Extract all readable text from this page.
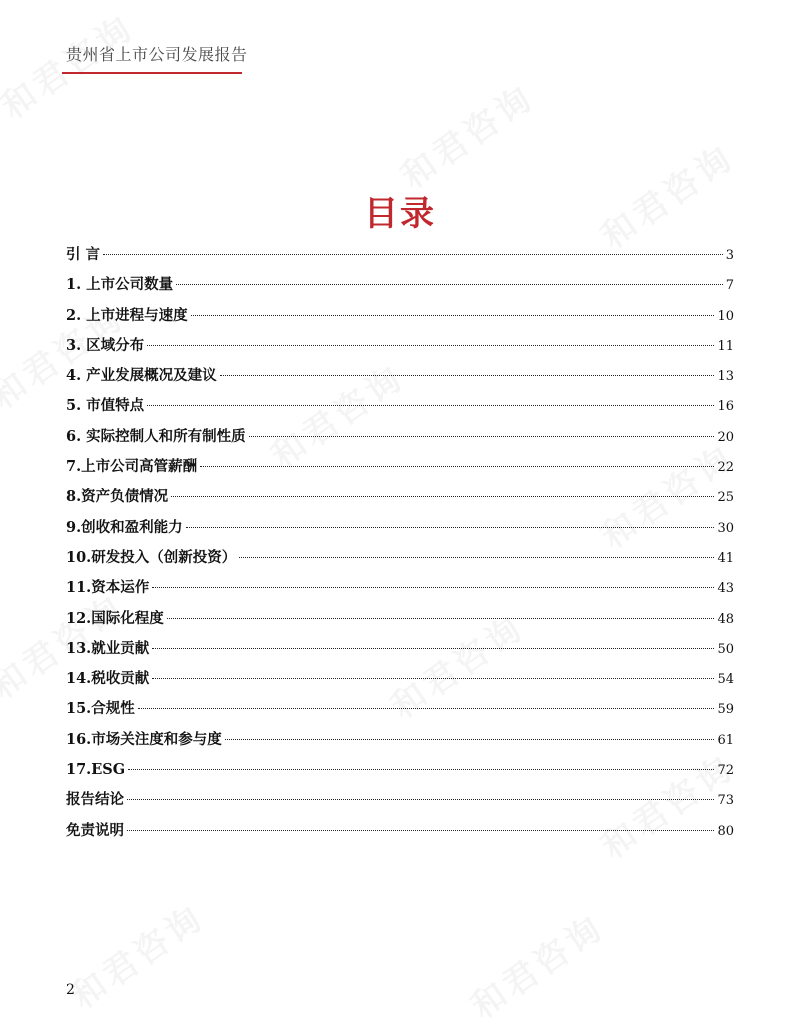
贵州省上市公司发展报告
目录
引 言	3
1. 上市公司数量	7
2. 上市进程与速度	10
3. 区域分布	11
4. 产业发展概况及建议	13
5. 市值特点	16
6. 实际控制人和所有制性质	20
7.上市公司高管薪酬	22
8.资产负债情况	25
9.创收和盈利能力	30
10.研发投入（创新投资）	41
11.资本运作	43
12.国际化程度	48
13.就业贡献	50
14.税收贡献	54
15.合规性	59
16.市场关注度和参与度	61
17.ESG	72
报告结论	73
免责说明	80
2
